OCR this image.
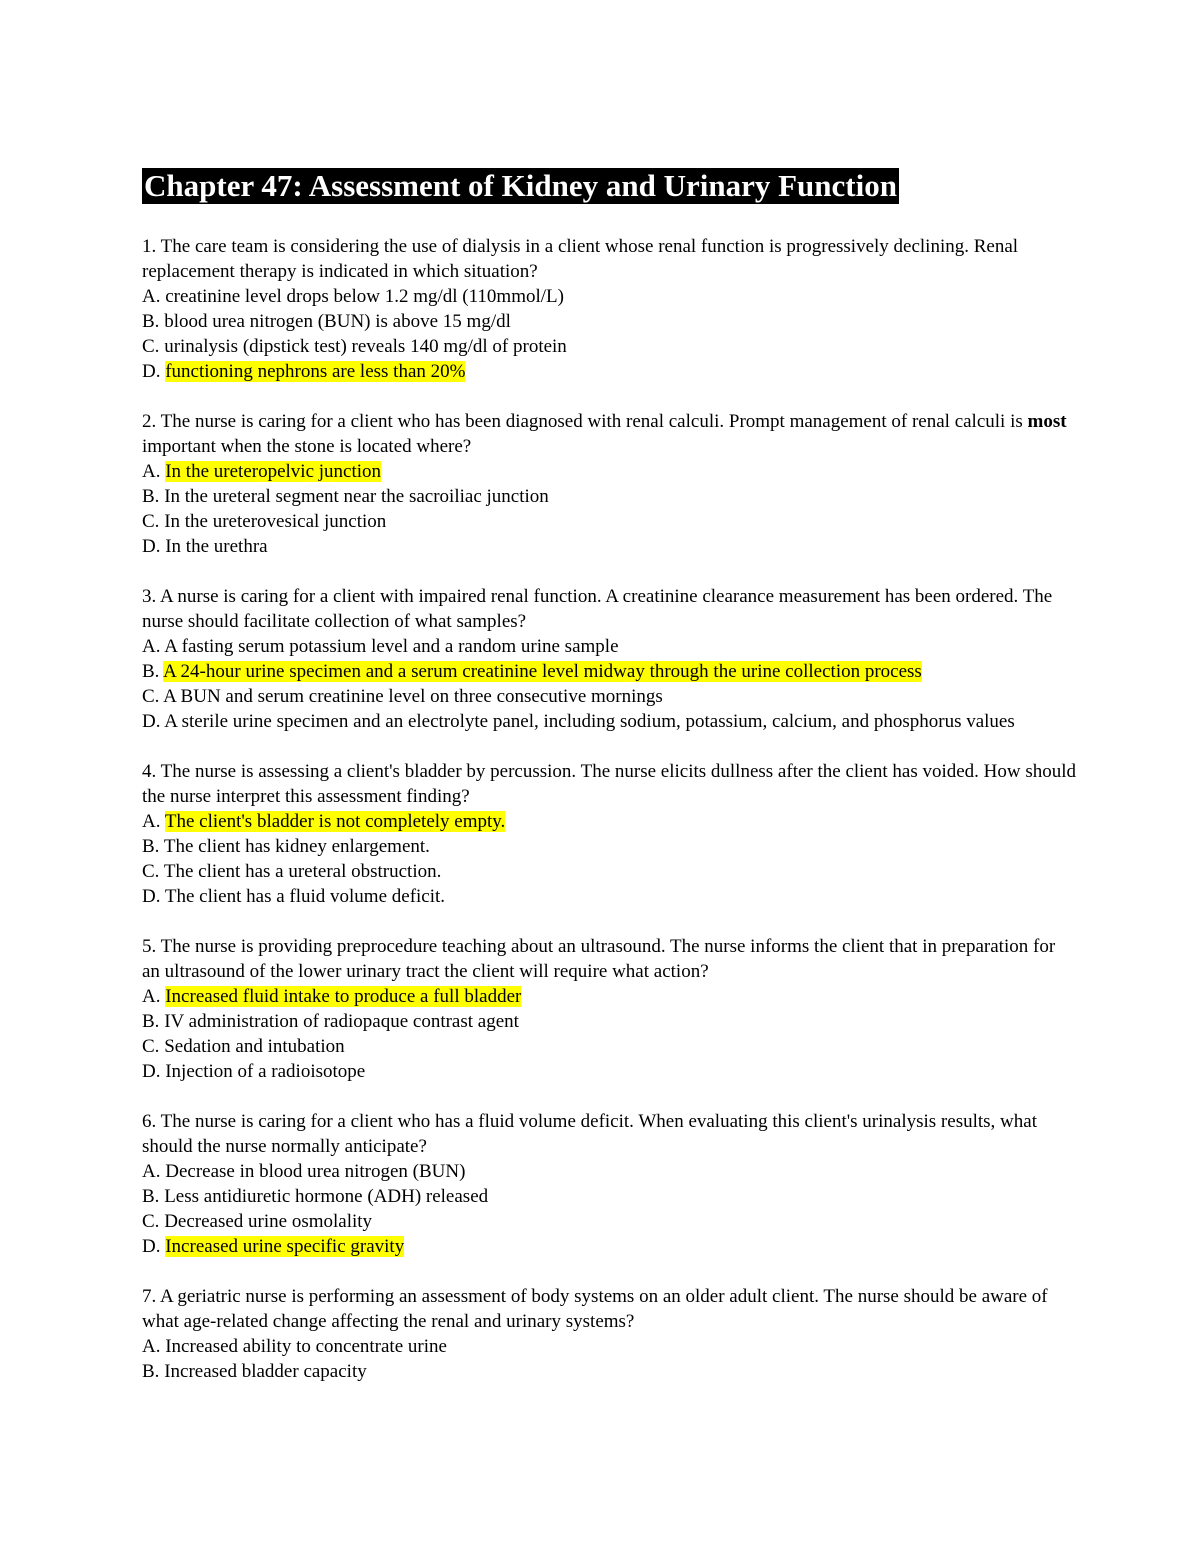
Chapter 47: Assessment of Kidney and Urinary Function

1. The care team is considering the use of dialysis in a client whose renal function is progressively declining. Renal replacement therapy is indicated in which situation?

A. creatinine level drops below 1.2 mg/dl (110mmol/L)

B. blood urea nitrogen (BUN) is above 15 mg/dl

C. urinalysis (dipstick test) reveals 140 mg/dl of protein

D. functioning nephrons are less than 20%

2. The nurse is caring for a client who has been diagnosed with renal calculi. Prompt management of renal calculi is most important when the stone is located where?

A. In the ureteropelvic junction

B. In the ureteral segment near the sacroiliac junction

C. In the ureterovesical junction

D. In the urethra

3. A nurse is caring for a client with impaired renal function. A creatinine clearance measurement has been ordered. The nurse should facilitate collection of what samples?

A. A fasting serum potassium level and a random urine sample

B. A 24-hour urine specimen and a serum creatinine level midway through the urine collection process

C. A BUN and serum creatinine level on three consecutive mornings

D. A sterile urine specimen and an electrolyte panel, including sodium, potassium, calcium, and phosphorus values

4. The nurse is assessing a client's bladder by percussion. The nurse elicits dullness after the client has voided. How should the nurse interpret this assessment finding?

A. The client's bladder is not completely empty.

B. The client has kidney enlargement.

C. The client has a ureteral obstruction.

D. The client has a fluid volume deficit.

5. The nurse is providing preprocedure teaching about an ultrasound. The nurse informs the client that in preparation for an ultrasound of the lower urinary tract the client will require what action?

A. Increased fluid intake to produce a full bladder

B. IV administration of radiopaque contrast agent

C. Sedation and intubation

D. Injection of a radioisotope

6. The nurse is caring for a client who has a fluid volume deficit. When evaluating this client's urinalysis results, what should the nurse normally anticipate?

A. Decrease in blood urea nitrogen (BUN)

B. Less antidiuretic hormone (ADH) released

C. Decreased urine osmolality

D. Increased urine specific gravity

7. A geriatric nurse is performing an assessment of body systems on an older adult client. The nurse should be aware of what age-related change affecting the renal and urinary systems?

A. Increased ability to concentrate urine

B. Increased bladder capacity
